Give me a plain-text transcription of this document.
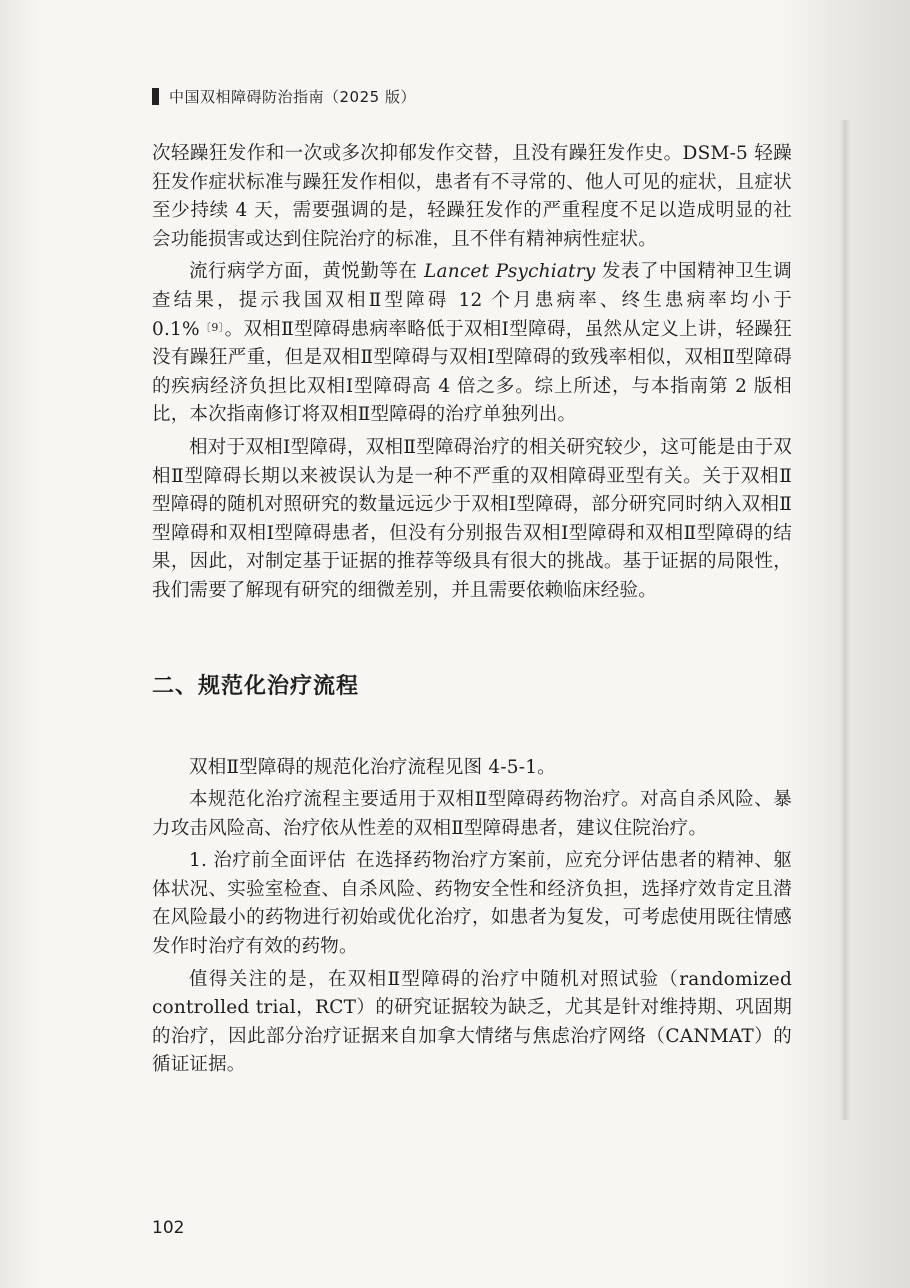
中国双相障碍防治指南（2025 版）

次轻躁狂发作和一次或多次抑郁发作交替，且没有躁狂发作史。DSM-5 轻躁狂发作症状标准与躁狂发作相似，患者有不寻常的、他人可见的症状，且症状至少持续 4 天，需要强调的是，轻躁狂发作的严重程度不足以造成明显的社会功能损害或达到住院治疗的标准，且不伴有精神病性症状。

流行病学方面，黄悦勤等在 Lancet Psychiatry 发表了中国精神卫生调查结果，提示我国双相Ⅱ型障碍 12 个月患病率、终生患病率均小于 0.1%$^{〔9〕}$。双相Ⅱ型障碍患病率略低于双相Ⅰ型障碍，虽然从定义上讲，轻躁狂没有躁狂严重，但是双相Ⅱ型障碍与双相Ⅰ型障碍的致残率相似，双相Ⅱ型障碍的疾病经济负担比双相Ⅰ型障碍高 4 倍之多。综上所述，与本指南第 2 版相比，本次指南修订将双相Ⅱ型障碍的治疗单独列出。

相对于双相Ⅰ型障碍，双相Ⅱ型障碍治疗的相关研究较少，这可能是由于双相Ⅱ型障碍长期以来被误认为是一种不严重的双相障碍亚型有关。关于双相Ⅱ型障碍的随机对照研究的数量远远少于双相Ⅰ型障碍，部分研究同时纳入双相Ⅱ型障碍和双相Ⅰ型障碍患者，但没有分别报告双相Ⅰ型障碍和双相Ⅱ型障碍的结果，因此，对制定基于证据的推荐等级具有很大的挑战。基于证据的局限性，我们需要了解现有研究的细微差别，并且需要依赖临床经验。

二、规范化治疗流程

双相Ⅱ型障碍的规范化治疗流程见图 4-5-1。

本规范化治疗流程主要适用于双相Ⅱ型障碍药物治疗。对高自杀风险、暴力攻击风险高、治疗依从性差的双相Ⅱ型障碍患者，建议住院治疗。

1. 治疗前全面评估 在选择药物治疗方案前，应充分评估患者的精神、躯体状况、实验室检查、自杀风险、药物安全性和经济负担，选择疗效肯定且潜在风险最小的药物进行初始或优化治疗，如患者为复发，可考虑使用既往情感发作时治疗有效的药物。

值得关注的是，在双相Ⅱ型障碍的治疗中随机对照试验（randomized controlled trial，RCT）的研究证据较为缺乏，尤其是针对维持期、巩固期的治疗，因此部分治疗证据来自加拿大情绪与焦虑治疗网络（CANMAT）的循证证据。

102
